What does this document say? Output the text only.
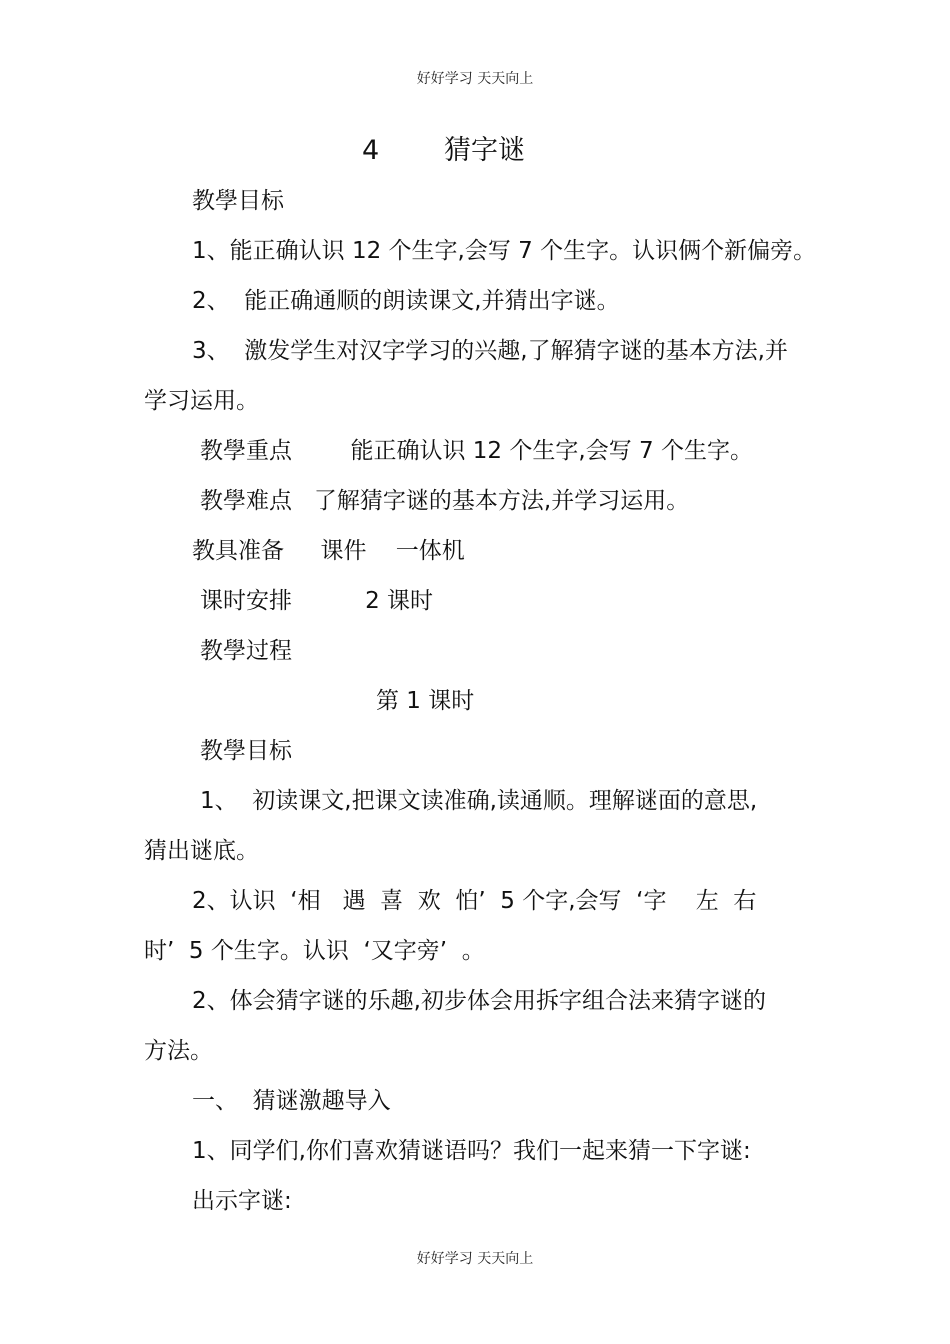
好好学习 天天向上
4 猜字谜

教學目标

1、能正确认识 12 个生字,会写 7 个生字。认识俩个新偏旁。

2、  能正确通顺的朗读课文,并猜出字谜。

3、  激发学生对汉字学习的兴趣,了解猜字谜的基本方法,并

学习运用。

教學重点        能正确认识 12 个生字,会写 7 个生字。

教學难点   了解猜字谜的基本方法,并学习运用。

教具准备     课件    一体机

课时安排          2 课时

教學过程

第 1 课时

教學目标

1、  初读课文,把课文读准确,读通顺。理解谜面的意思,

猜出谜底。

2、认识  ‘相   遇  喜  欢  怕’  5 个字,会写  ‘字    左  右

时’  5 个生字。认识  ‘又字旁’  。

2、体会猜字谜的乐趣,初步体会用拆字组合法来猜字谜的

方法。

一、  猜谜激趣导入

1、同学们,你们喜欢猜谜语吗？我们一起来猜一下字谜:

出示字谜:

好好学习 天天向上
